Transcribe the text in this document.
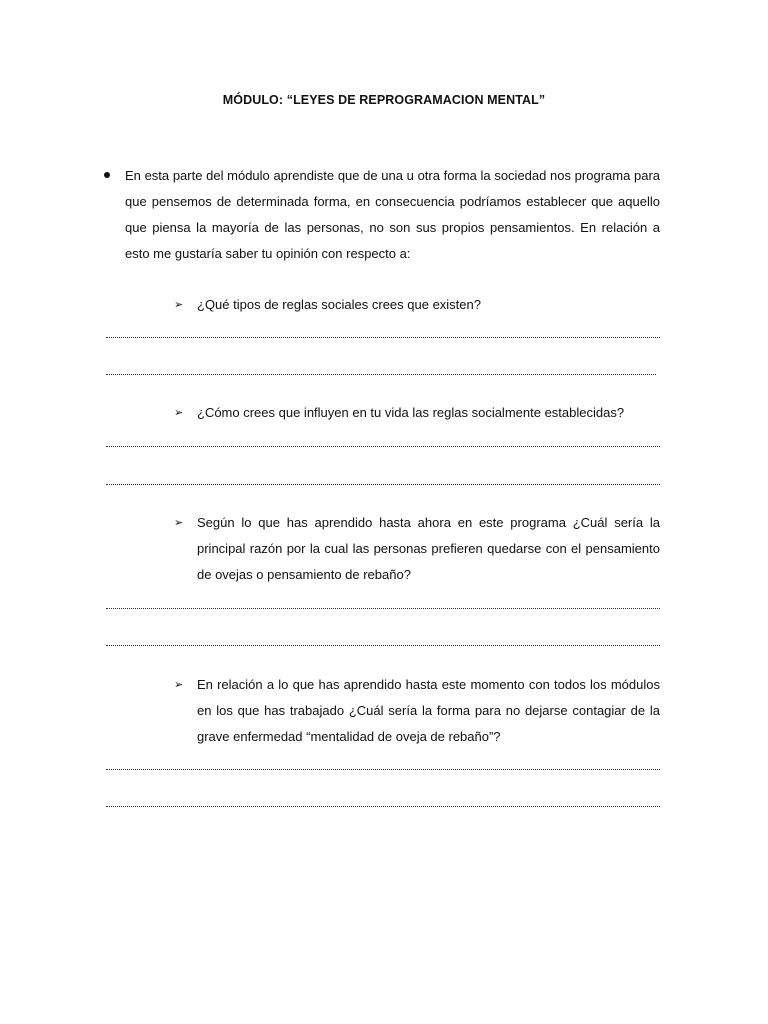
MÓDULO: “LEYES DE REPROGRAMACION MENTAL”
En esta parte del módulo aprendiste que de una u otra forma la sociedad nos programa para que pensemos de determinada forma, en consecuencia podríamos establecer que aquello que piensa la mayoría de las personas, no son sus propios pensamientos. En relación a esto me gustaría saber tu opinión con respecto a:
➢ ¿Qué tipos de reglas sociales crees que existen?
➢ ¿Cómo crees que influyen en tu vida las reglas socialmente establecidas?
➢ Según lo que has aprendido hasta ahora en este programa ¿Cuál sería la principal razón por la cual las personas prefieren quedarse con el pensamiento de ovejas o pensamiento de rebaño?
➢ En relación a lo que has aprendido hasta este momento con todos los módulos en los que has trabajado ¿Cuál sería la forma para no dejarse contagiar de la grave enfermedad “mentalidad de oveja de rebaño”?
